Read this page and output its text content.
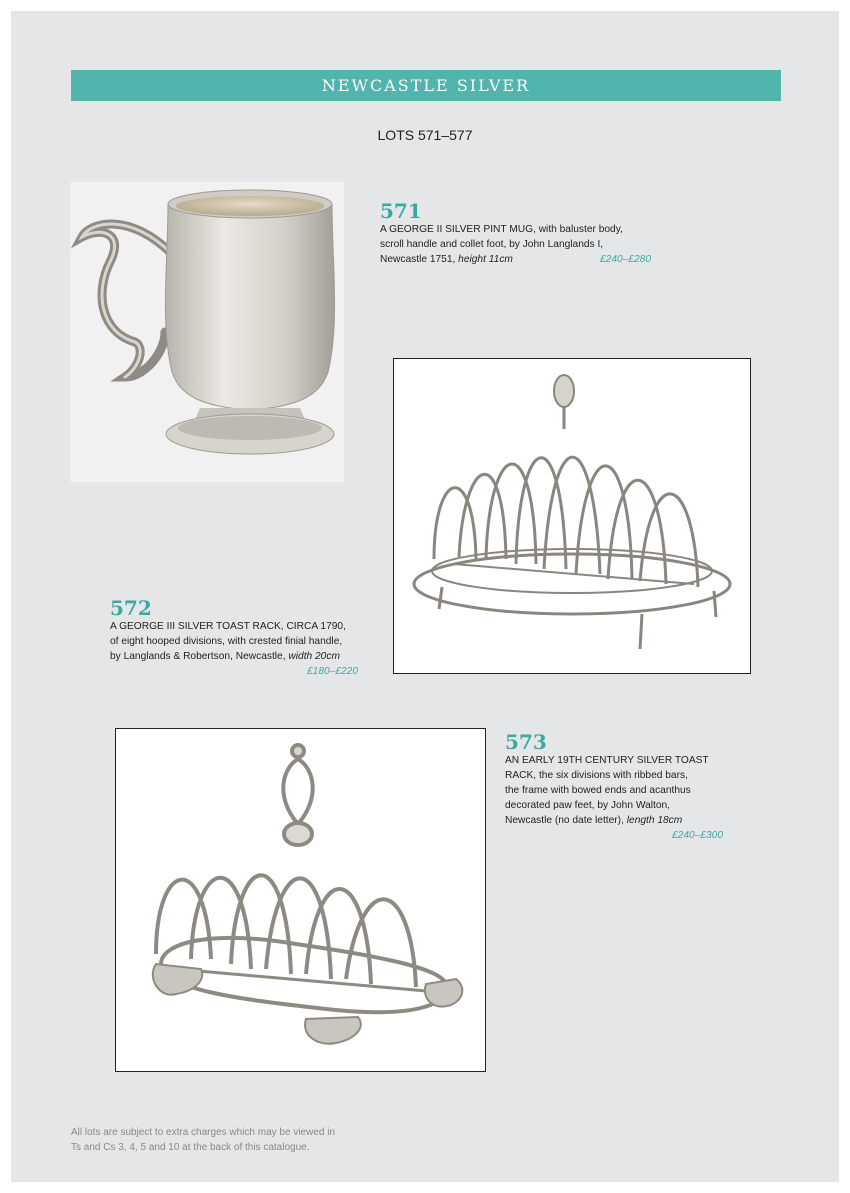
NEWCASTLE SILVER
LOTS 571–577
571
A GEORGE II SILVER PINT MUG, with baluster body,
scroll handle and collet foot, by John Langlands I,
Newcastle 1751, height 11cm	£240–£280
572
A GEORGE III SILVER TOAST RACK, CIRCA 1790,
of eight hooped divisions, with crested finial handle,
by Langlands & Robertson, Newcastle, width 20cm
£180–£220
573
AN EARLY 19TH CENTURY SILVER TOAST
RACK, the six divisions with ribbed bars,
the frame with bowed ends and acanthus
decorated paw feet, by John Walton,
Newcastle (no date letter), length 18cm
£240–£300
All lots are subject to extra charges which may be viewed in
Ts and Cs 3, 4, 5 and 10 at the back of this catalogue.
